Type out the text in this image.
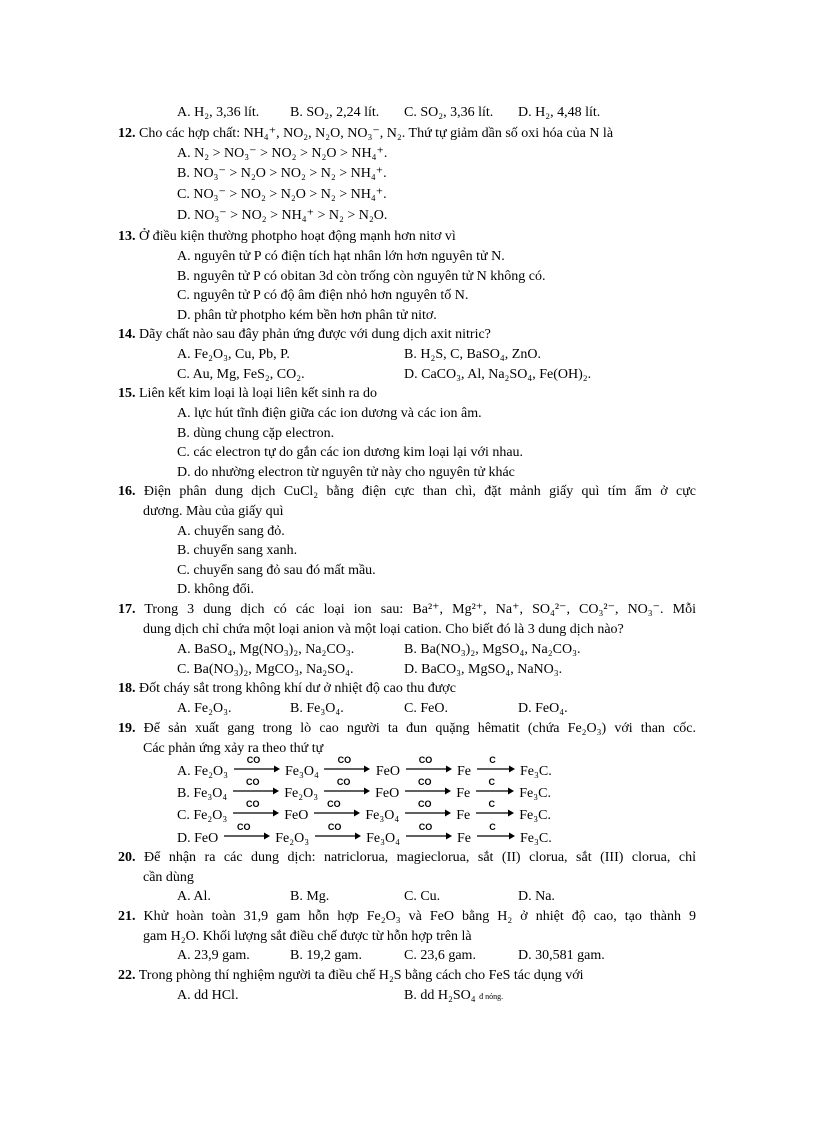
A. H₂, 3,36 lít. B. SO₂, 2,24 lít. C. SO₂, 3,36 lít. D. H₂, 4,48 lít.
12. Cho các hợp chất: NH₄⁺, NO₂, N₂O, NO₃⁻, N₂. Thứ tự giảm dần số oxi hóa của N là
A. N₂ > NO₃⁻ > NO₂ > N₂O > NH₄⁺.
B. NO₃⁻ > N₂O > NO₂ > N₂ > NH₄⁺.
C. NO₃⁻ > NO₂ > N₂O > N₂ > NH₄⁺.
D. NO₃⁻ > NO₂ > NH₄⁺ > N₂ > N₂O.
13. Ở điều kiện thường photpho hoạt động mạnh hơn nitơ vì
A. nguyên tử P có điện tích hạt nhân lớn hơn nguyên tử N.
B. nguyên tử P có obitan 3d còn trống còn nguyên tử N không có.
C. nguyên tử P có độ âm điện nhỏ hơn nguyên tố N.
D. phân tử photpho kém bền hơn phân tử nitơ.
14. Dãy chất nào sau đây phản ứng được với dung dịch axit nitric?
A. Fe₂O₃, Cu, Pb, P.	B. H₂S, C, BaSO₄, ZnO.
C. Au, Mg, FeS₂, CO₂.	D. CaCO₃, Al, Na₂SO₄, Fe(OH)₂.
15. Liên kết kim loại là loại liên kết sinh ra do
A. lực hút tĩnh điện giữa các ion dương và các ion âm.
B. dùng chung cặp electron.
C. các electron tự do gắn các ion dương kim loại lại với nhau.
D. do nhường electron từ nguyên tử này cho nguyên tử khác
16. Điện phân dung dịch CuCl₂ bằng điện cực than chì, đặt mảnh giấy quì tím ẩm ở cực
dương. Màu của giấy quì
A. chuyển sang đỏ.
B. chuyển sang xanh.
C. chuyển sang đỏ sau đó mất mầu.
D. không đổi.
17. Trong 3 dung dịch có các loại ion sau: Ba²⁺, Mg²⁺, Na⁺, SO₄²⁻, CO₃²⁻, NO₃⁻. Mỗi
dung dịch chỉ chứa một loại anion và một loại cation. Cho biết đó là 3 dung dịch nào?
A. BaSO₄, Mg(NO₃)₂, Na₂CO₃.	B. Ba(NO₃)₂, MgSO₄, Na₂CO₃.
C. Ba(NO₃)₂, MgCO₃, Na₂SO₄.	D. BaCO₃, MgSO₄, NaNO₃.
18. Đốt cháy sắt trong không khí dư ở nhiệt độ cao thu được
A. Fe₂O₃.	B. Fe₃O₄.	C. FeO.	D. FeO₄.
19. Để sản xuất gang trong lò cao người ta đun quặng hêmatit (chứa Fe₂O₃) với than cốc.
Các phản ứng xảy ra theo thứ tự
A. Fe₂O₃
CO
Fe₃O₄
CO
FeO
CO
Fe
C
Fe₃C.
B. Fe₃O₄
CO
Fe₂O₃
CO
FeO
CO
Fe
C
Fe₃C.
C. Fe₂O₃
CO
FeO
CO
Fe₃O₄
CO
Fe
C
Fe₃C.
D. FeO
CO
Fe₂O₃
CO
Fe₃O₄
CO
Fe
C
Fe₃C.
20. Để nhận ra các dung dịch: natriclorua, magieclorua, sắt (II) clorua, sắt (III) clorua, chỉ
cần dùng
A. Al.	B. Mg.	C. Cu.	D. Na.
21. Khử hoàn toàn 31,9 gam hỗn hợp Fe₂O₃ và FeO bằng H₂ ở nhiệt độ cao, tạo thành 9
gam H₂O. Khối lượng sắt điều chế được từ hỗn hợp trên là
A. 23,9 gam.	B. 19,2 gam.	C. 23,6 gam.	D. 30,581 gam.
22. Trong phòng thí nghiệm người ta điều chế H₂S bằng cách cho FeS tác dụng với
A. dd HCl.	B. dd H₂SO₄ đ nóng.
